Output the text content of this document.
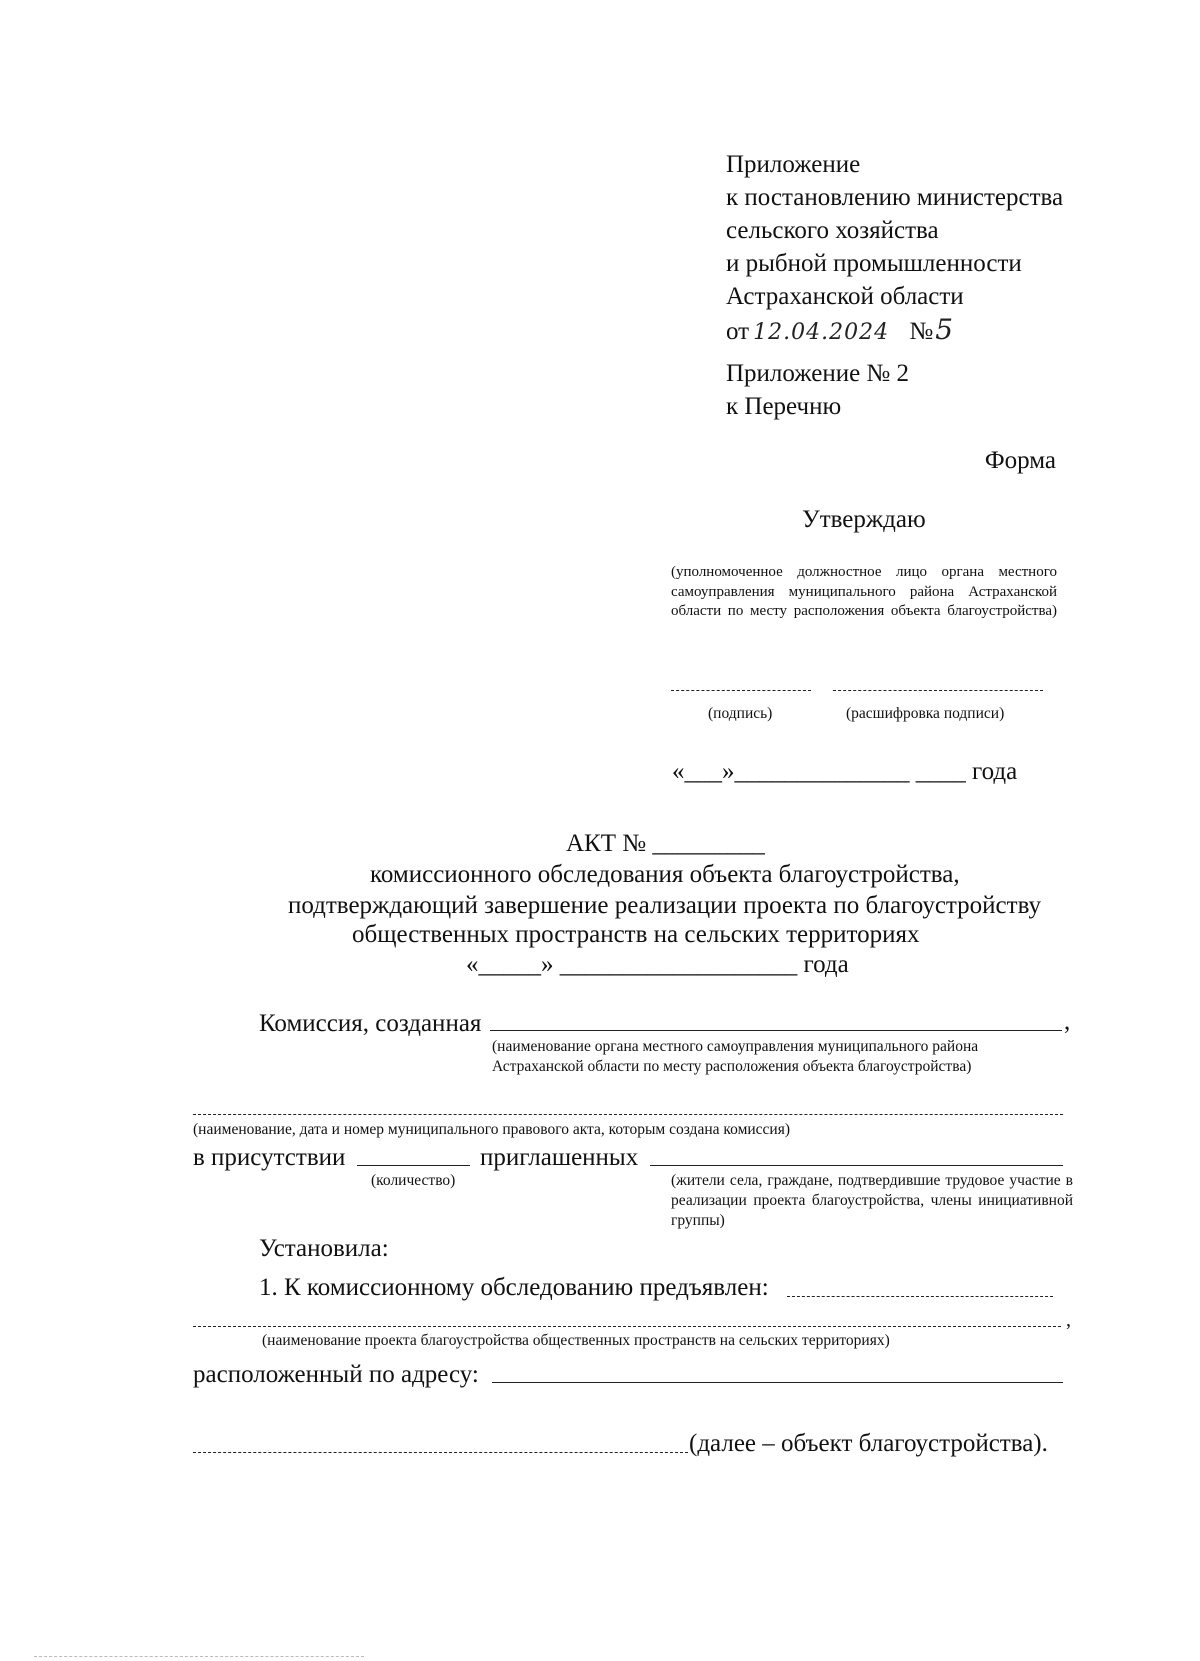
Приложение
к постановлению министерства
сельского хозяйства
и рыбной промышленности
Астраханской области
от 12.04.2024 №5
Приложение № 2
к Перечню
Форма
Утверждаю
(уполномоченное должностное лицо органа местного самоуправления муниципального района Астраханской области по месту расположения объекта благоустройства)
(подпись)	(расшифровка подписи)
«___»______________ ____ года
АКТ № _________
комиссионного обследования объекта благоустройства,
подтверждающий завершение реализации проекта по благоустройству
общественных пространств на сельских территориях
«_____» ___________________ года
Комиссия, созданная	,
(наименование органа местного самоуправления муниципального района
Астраханской области по месту расположения объекта благоустройства)
(наименование, дата и номер муниципального правового акта, которым создана комиссия)
в присутствии	приглашенных
(количество)	(жители села, граждане, подтвердившие трудовое участие в реализации проекта благоустройства, члены инициативной группы)
Установила:
1. К комиссионному обследованию предъявлен:
,
(наименование проекта благоустройства общественных пространств на сельских территориях)
расположенный по адресу:
(далее – объект благоустройства).
